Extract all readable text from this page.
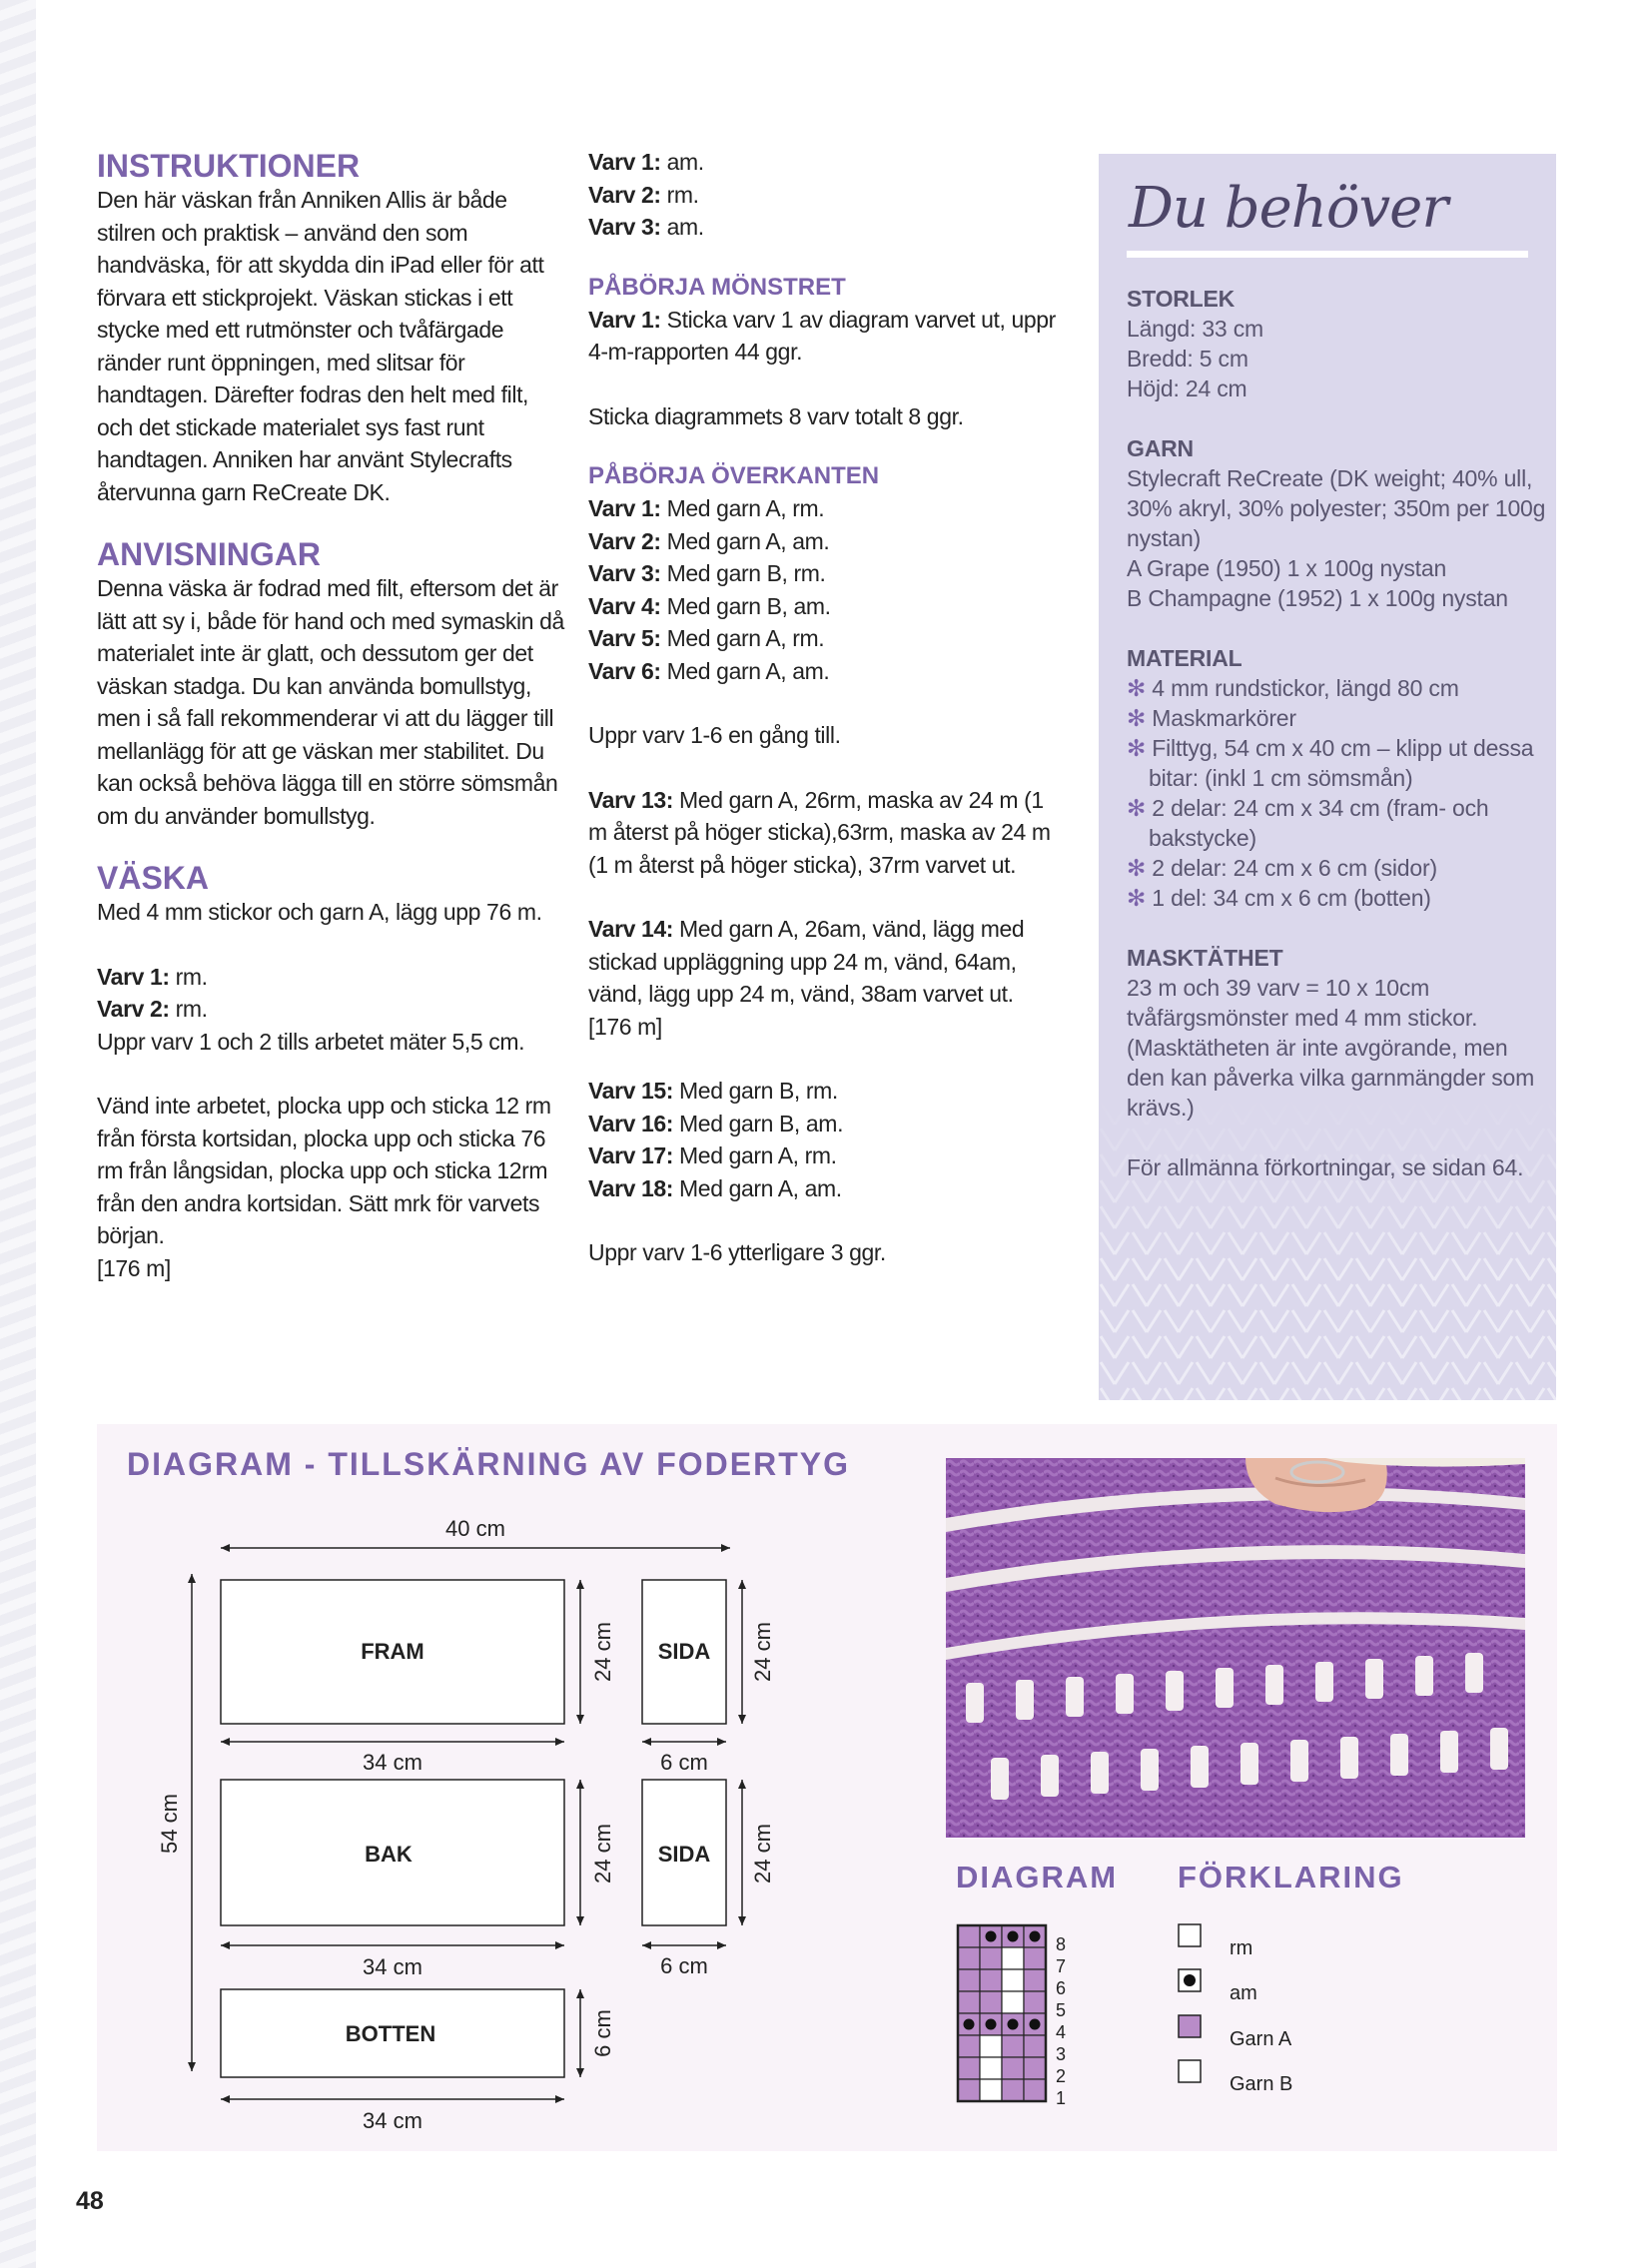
INSTRUKTIONER

Den här väskan från Anniken Allis är både stilren och praktisk – använd den som handväska, för att skydda din iPad eller för att förvara ett stickprojekt. Väskan stickas i ett stycke med ett rutmönster och tvåfärgade ränder runt öppningen, med slitsar för handtagen. Därefter fodras den helt med filt, och det stickade materialet sys fast runt handtagen. Anniken har använt Stylecrafts återvunna garn ReCreate DK.

ANVISNINGAR

Denna väska är fodrad med filt, eftersom det är lätt att sy i, både för hand och med symaskin då materialet inte är glatt, och dessutom ger det väskan stadga. Du kan använda bomullstyg, men i så fall rekommenderar vi att du lägger till mellanlägg för att ge väskan mer stabilitet. Du kan också behöva lägga till en större sömsmån om du använder bomullstyg.

VÄSKA

Med 4 mm stickor och garn A, lägg upp 76 m.

Varv 1: rm.

Varv 2: rm.

Uppr varv 1 och 2 tills arbetet mäter 5,5 cm.

Vänd inte arbetet, plocka upp och sticka 12 rm från första kortsidan, plocka upp och sticka 76 rm från långsidan, plocka upp och sticka 12rm från den andra kortsidan. Sätt mrk för varvets början.

[176 m]

Varv 1: am.

Varv 2: rm.

Varv 3: am.

PÅBÖRJA MÖNSTRET

Varv 1: Sticka varv 1 av diagram varvet ut, uppr 4-m-rapporten 44 ggr.

Sticka diagrammets 8 varv totalt 8 ggr.

PÅBÖRJA ÖVERKANTEN

Varv 1: Med garn A, rm.

Varv 2: Med garn A, am.

Varv 3: Med garn B, rm.

Varv 4: Med garn B, am.

Varv 5: Med garn A, rm.

Varv 6: Med garn A, am.

Uppr varv 1-6 en gång till.

Varv 13: Med garn A, 26rm, maska av 24 m (1 m återst på höger sticka),63rm, maska av 24 m (1 m återst på höger sticka), 37rm varvet ut.

Varv 14: Med garn A, 26am, vänd, lägg med stickad uppläggning upp 24 m, vänd, 64am, vänd, lägg upp 24 m, vänd, 38am varvet ut.

[176 m]

Varv 15: Med garn B, rm.

Varv 16: Med garn B, am.

Varv 17: Med garn A, rm.

Varv 18: Med garn A, am.

Uppr varv 1-6 ytterligare 3 ggr.

Du behöver

STORLEK

Längd: 33 cm

Bredd: 5 cm

Höjd: 24 cm

GARN

Stylecraft ReCreate (DK weight; 40% ull, 30% akryl, 30% polyester; 350m per 100g nystan)

A Grape (1950) 1 x 100g nystan

B Champagne (1952) 1 x 100g nystan

MATERIAL

✻ 4 mm rundstickor, längd 80 cm

✻ Maskmarkörer

✻ Filttyg, 54 cm x 40 cm – klipp ut dessa bitar: (inkl 1 cm sömsmån)

✻ 2 delar: 24 cm x 34 cm (fram- och bakstycke)

✻ 2 delar: 24 cm x 6 cm (sidor)

✻ 1 del: 34 cm x 6 cm (botten)

MASKTÄTHET

23 m och 39 varv = 10 x 10cm tvåfärgsmönster med 4 mm stickor.

(Masktätheten är inte avgörande, men den kan påverka vilka garnmängder som krävs.)

För allmänna förkortningar, se sidan 64.

DIAGRAM - TILLSKÄRNING AV FODERTYG
40 cm
54 cm
FRAM
34 cm
24 cm SIDA
6 cm
24 cm
BAK
34 cm
24 cm SIDA
6 cm
24 cm
BOTTEN
34 cm
6 cm
DIAGRAM
1
2
3
4
5
6
7
8
FÖRKLARING
rm
am
Garn A
Garn B
48
